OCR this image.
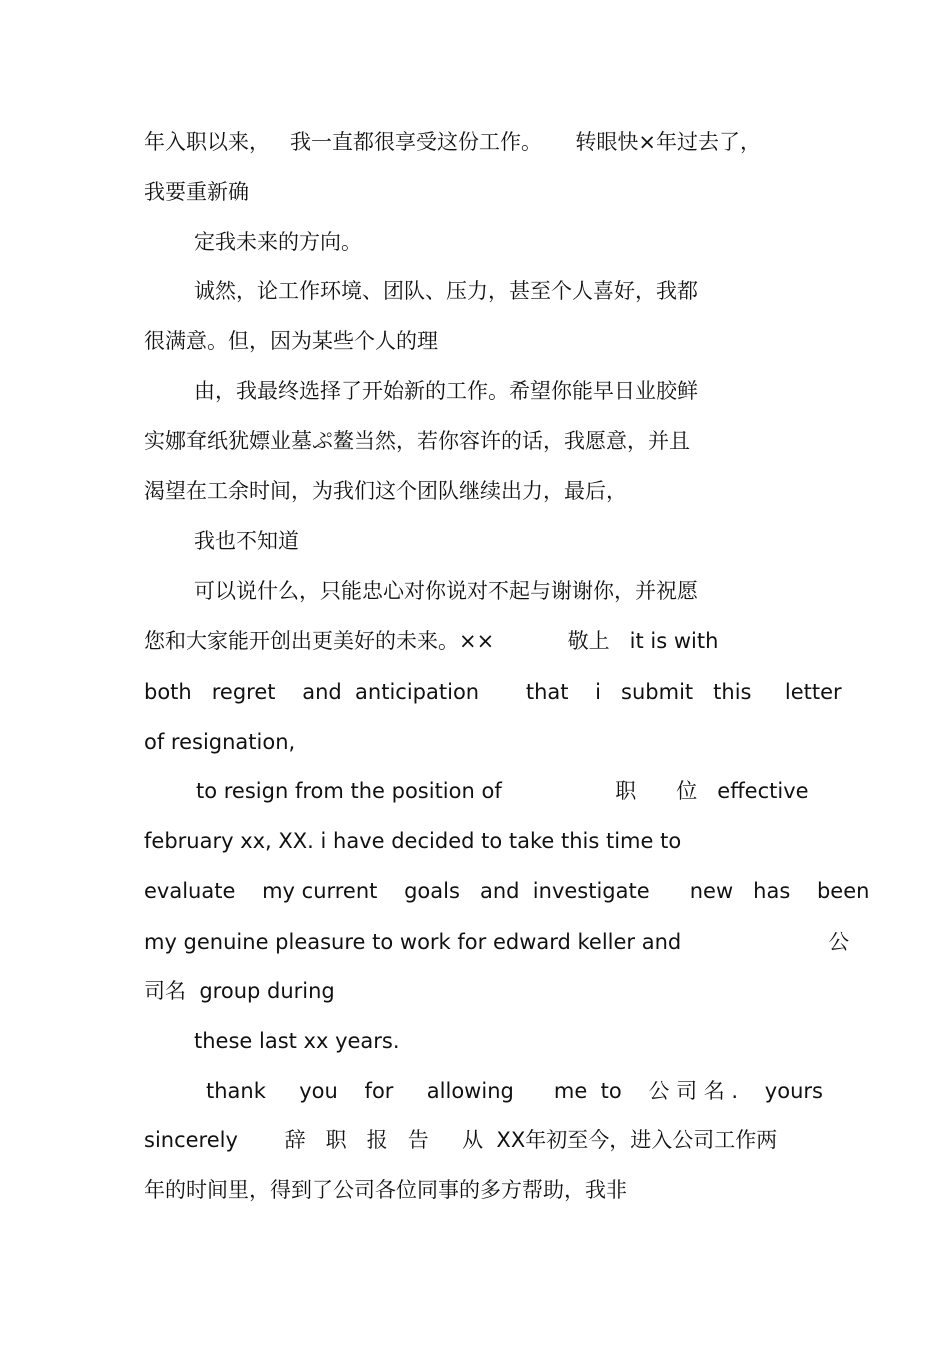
年入职以来，   我一直都很享受这份工作。     转眼快×年过去了，
我要重新确
定我未来的方向。
诚然，论工作环境、团队、压力，甚至个人喜好，我都
很满意。但，因为某些个人的理
由，我最终选择了开始新的工作。希望你能早日业胶鲜
实娜耷纸犹嫖业墓ぷ鳌当然，若你容许的话，我愿意，并且
渴望在工余时间，为我们这个团队继续出力，最后，
我也不知道
可以说什么，只能忠心对你说对不起与谢谢你，并祝愿
您和大家能开创出更美好的未来。××           敬上   it is with
both   regret    and  anticipation       that    i   submit   this     letter
of resignation,
to resign from the position of                 职      位   effective
february xx, XX. i have decided to take this time to
evaluate    my current    goals   and  investigate      new   has    been
my genuine pleasure to work for edward keller and                      公
司名  group during
these last xx years.
thank     you    for     allowing      me  to    公 司 名 .    yours
sincerely       辞   职   报   告     从  XX年初至今，进入公司工作两
年的时间里，得到了公司各位同事的多方帮助，我非
